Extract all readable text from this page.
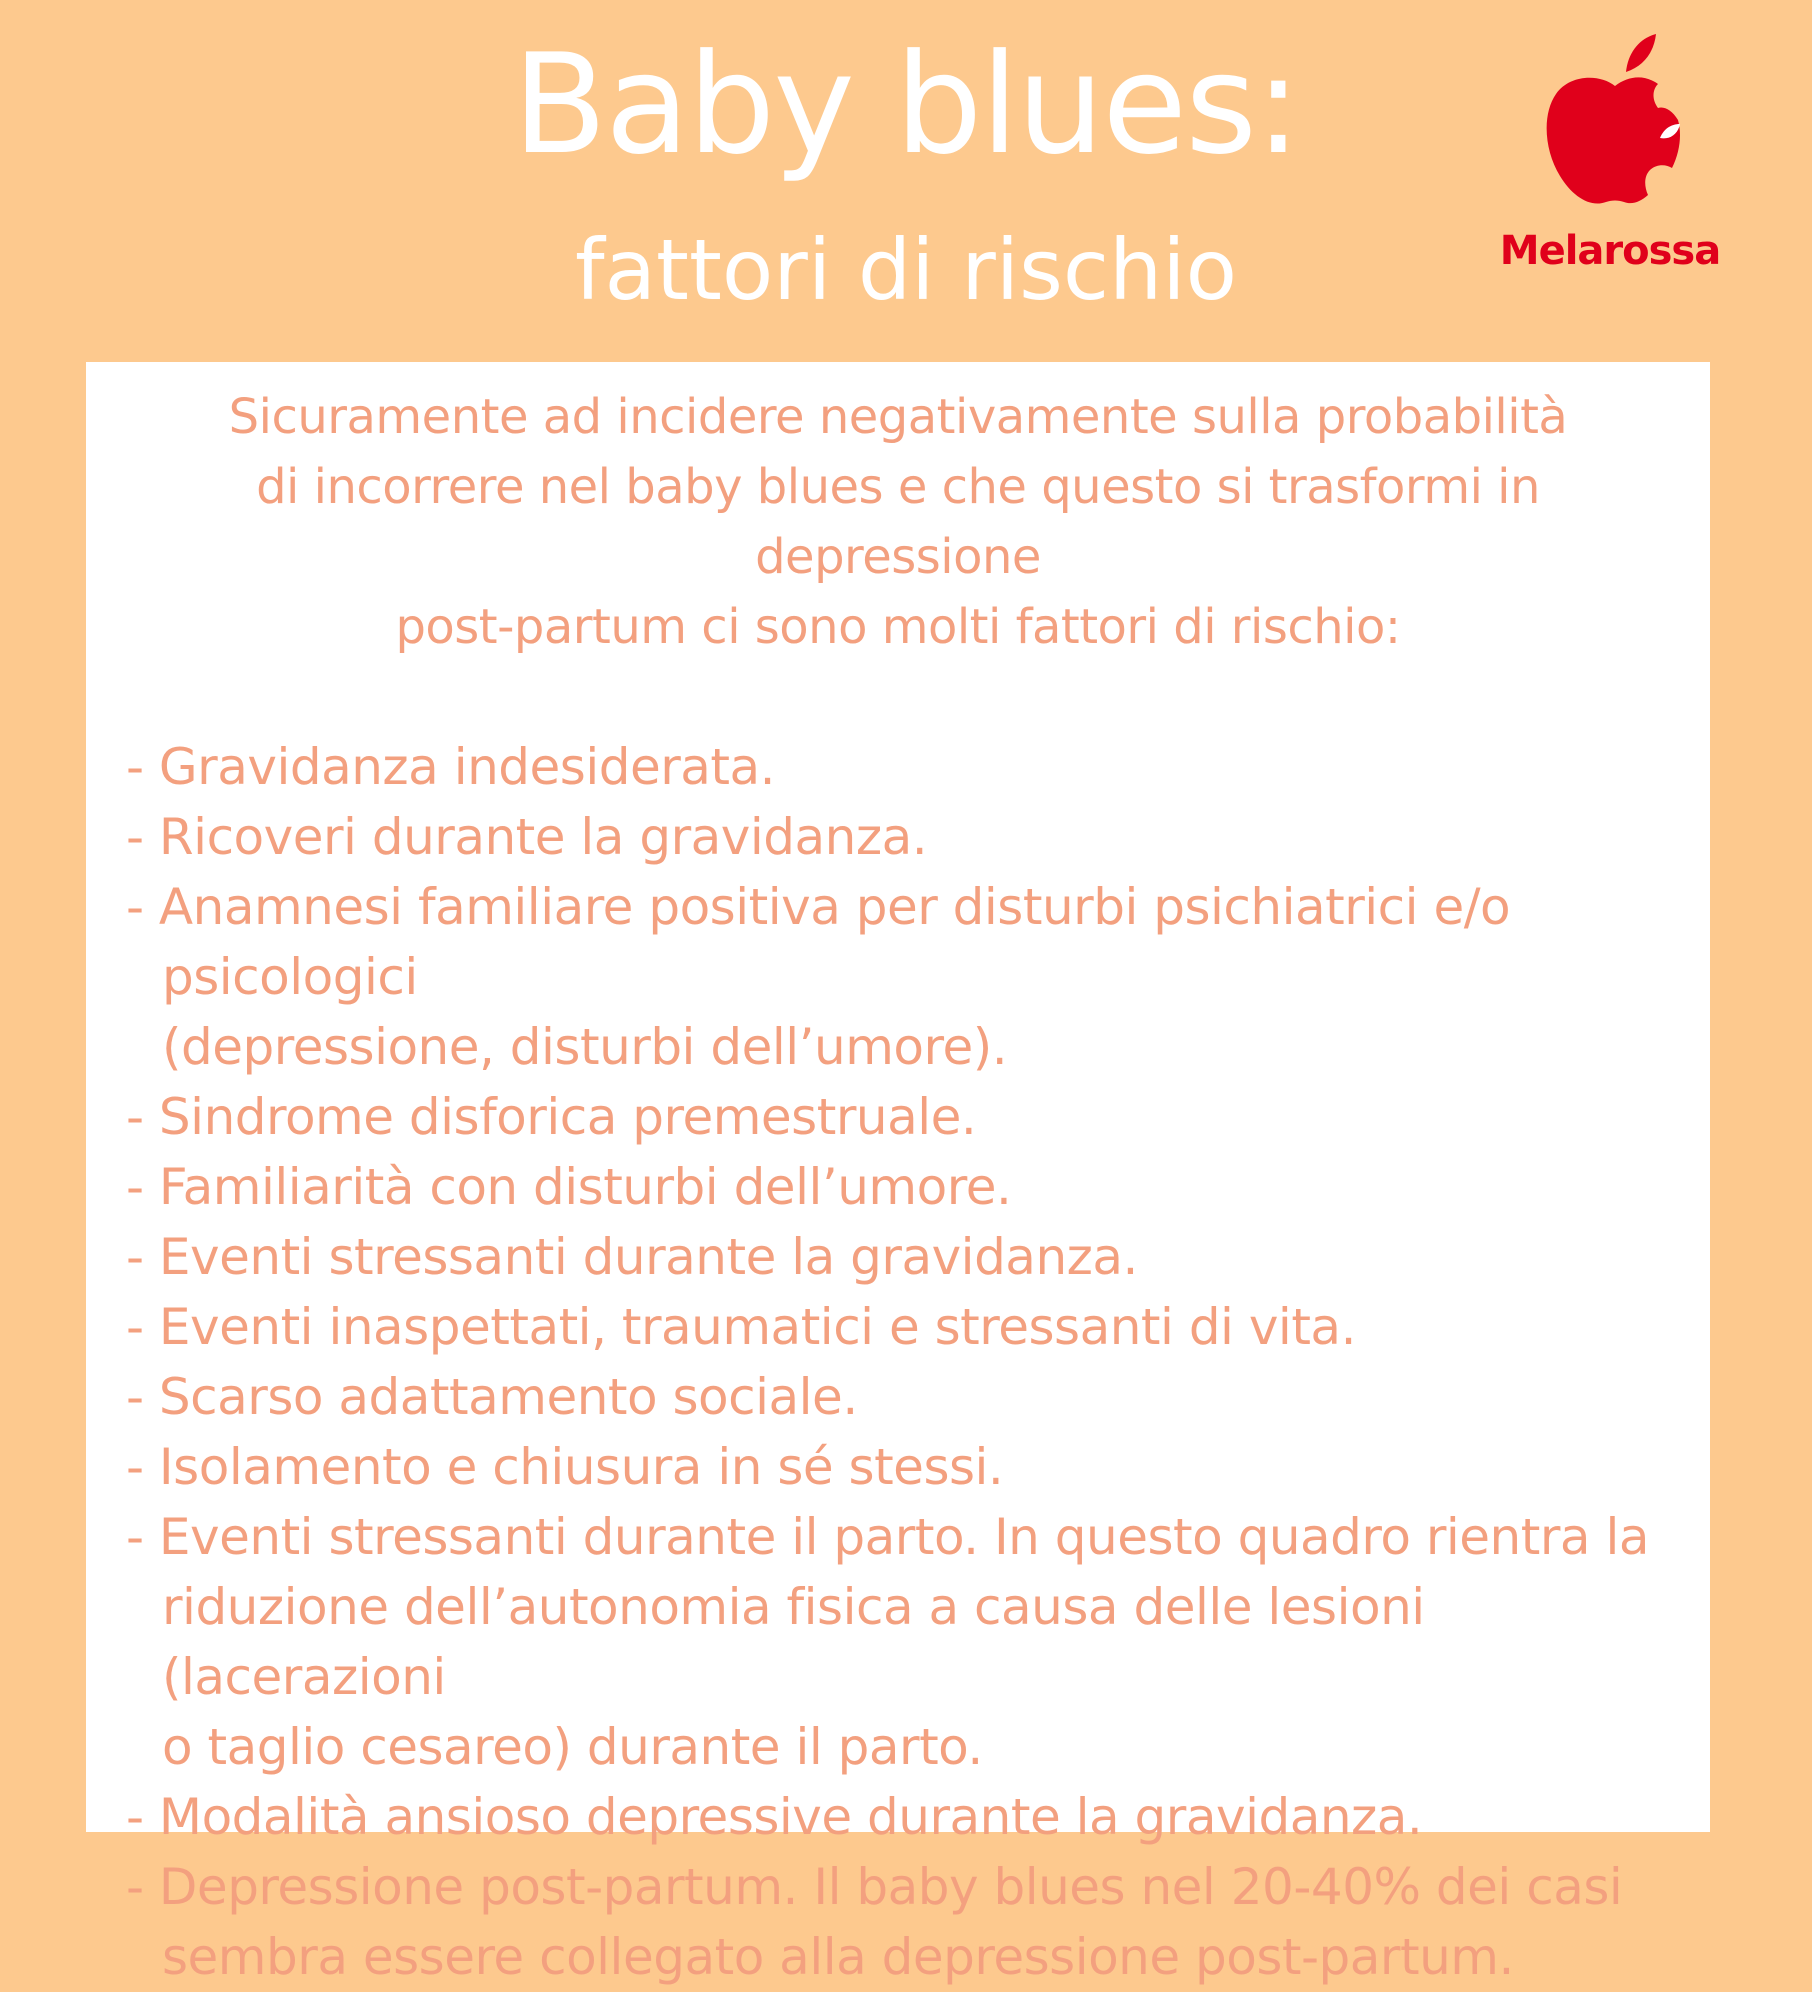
Baby blues:
fattori di rischio	Melarossa

Sicuramente ad incidere negativamente sulla probabilità
di incorrere nel baby blues e che questo si trasformi in depressione
post-partum ci sono molti fattori di rischio:

- Gravidanza indesiderata.
- Ricoveri durante la gravidanza.
- Anamnesi familiare positiva per disturbi psichiatrici e/o psicologici
(depressione, disturbi dell’umore).
- Sindrome disforica premestruale.
- Familiarità con disturbi dell’umore.
- Eventi stressanti durante la gravidanza.
- Eventi inaspettati, traumatici e stressanti di vita.
- Scarso adattamento sociale.
- Isolamento e chiusura in sé stessi.
- Eventi stressanti durante il parto. In questo quadro rientra la
riduzione dell’autonomia fisica a causa delle lesioni (lacerazioni
o taglio cesareo) durante il parto.
- Modalità ansioso depressive durante la gravidanza.
- Depressione post-partum. Il baby blues nel 20-40% dei casi
sembra essere collegato alla depressione post-partum.
